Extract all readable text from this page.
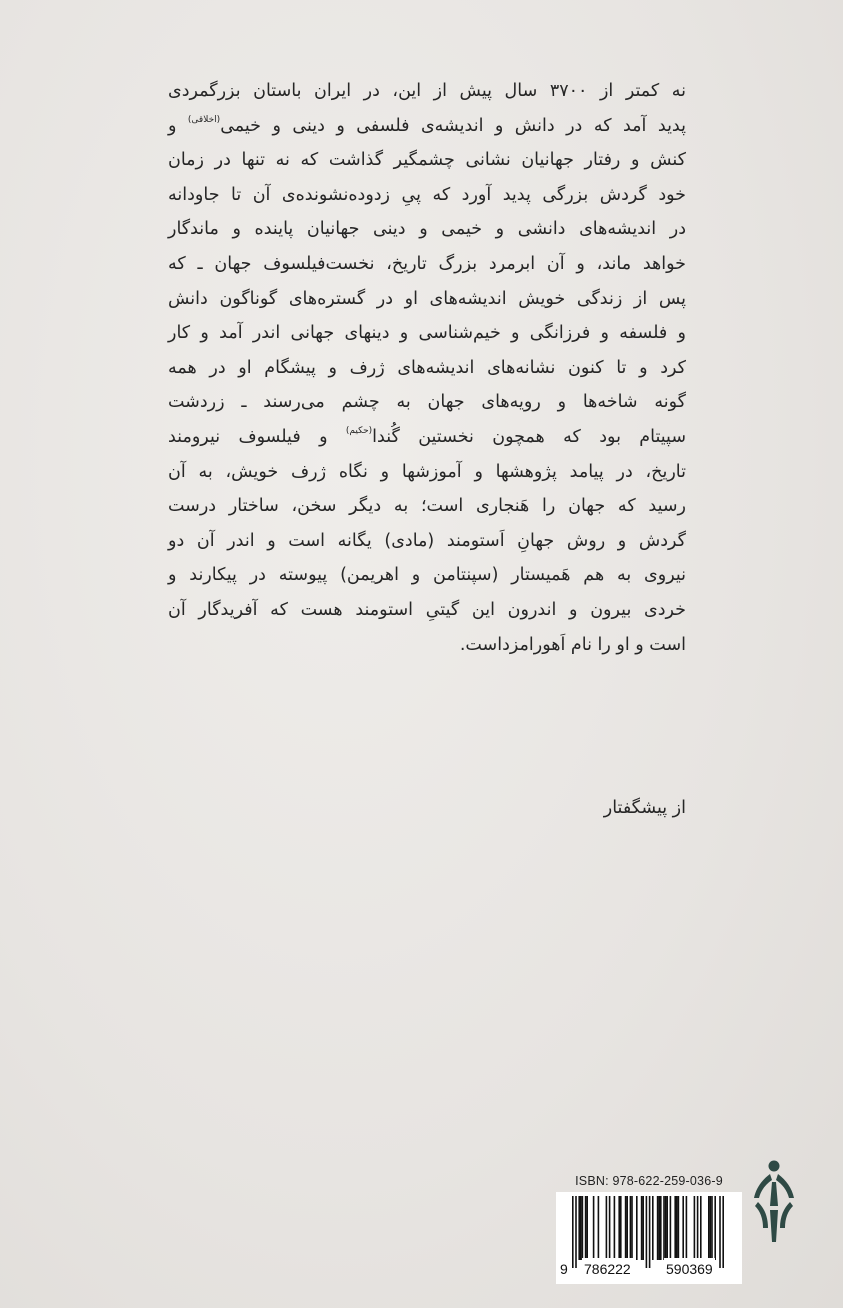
نه کمتر از ۳۷۰۰ سال پیش از این، در ایران باستان بزرگمردی
پدید آمد که در دانش و اندیشه‌ی فلسفی و دینی و خیمی$^{(اخلاقی)}$ و
کنش و رفتار جهانیان نشانی چشمگیر گذاشت که نه تنها در زمان
خود گردش بزرگی پدید آورد که پیِ زدوده‌نشونده‌ی آن تا جاودانه
در اندیشه‌های دانشی و خیمی و دینی جهانیان پاینده و ماندگار
خواهد ماند، و آن ابرمرد بزرگ تاریخ، نخست‌فیلسوف جهان ـ که
پس از زندگی خویش اندیشه‌های او در گستره‌های گوناگون دانش
و فلسفه و فرزانگی و خیم‌شناسی و دینهای جهانی اندر آمد و کار
کرد و تا کنون نشانه‌های اندیشه‌های ژرف و پیشگام او در همه
گونه شاخه‌ها و رویه‌های جهان به چشم می‌رسند ـ زردشت
سپیتام بود که همچون نخستین گُندا$^{(حکیم)}$ و فیلسوف نیرومند
تاریخ، در پیامد پژوهشها و آموزشها و نگاه ژرف خویش، به آن
رسید که جهان را هَنجاری است؛ به دیگر سخن، ساختار درست
گردش و روش جهانِ اَستومند (مادی) یگانه است و اندر آن دو
نیروی به هم هَمیستار (سپنتامن و اهریمن) پیوسته در پیکارند و
خردی بیرون و اندرون این گیتیِ استومند هست که آفریدگار آن
است و او را نام اَهورامزداست.
از پیشگفتار
ISBN: 978-622-259-036-9
9 786222	590369
